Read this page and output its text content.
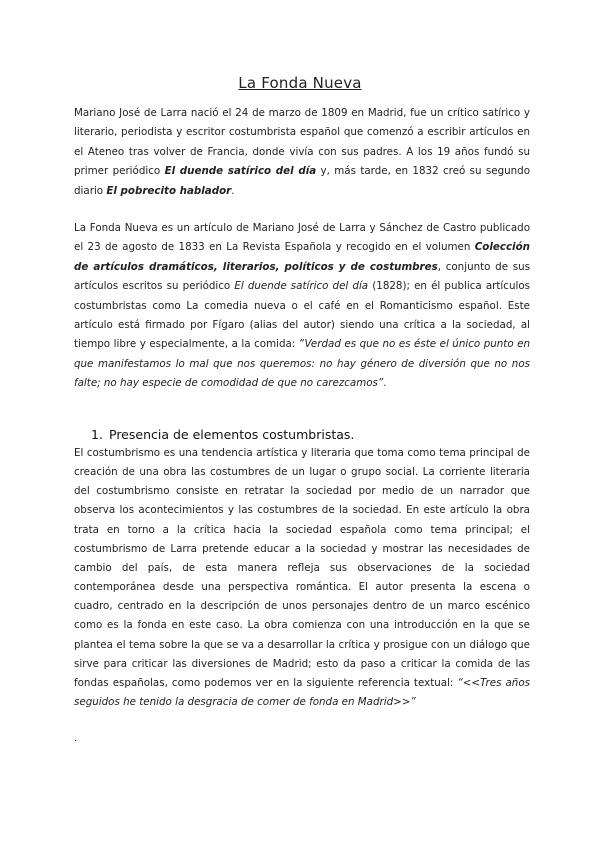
La Fonda Nueva

Mariano José de Larra nació el 24 de marzo de 1809 en Madrid, fue un crítico satírico y literario, periodista y escritor costumbrista español que comenzó a escribir artículos en el Ateneo tras volver de Francia, donde vivía con sus padres. A los 19 años fundó su primer periódico El duende satírico del día y, más tarde, en 1832 creó su segundo diario El pobrecito hablador.

La Fonda Nueva es un artículo de Mariano José de Larra y Sánchez de Castro publicado el 23 de agosto de 1833 en La Revista Española y recogido en el volumen Colección de artículos dramáticos, literarios, políticos y de costumbres, conjunto de sus artículos escritos su periódico El duende satírico del día (1828); en él publica artículos costumbristas como La comedia nueva o el café en el Romanticismo español. Este artículo está firmado por Fígaro (alias del autor) siendo una crítica a la sociedad, al tiempo libre y especialmente, a la comida: “Verdad es que no es éste el único punto en que manifestamos lo mal que nos queremos: no hay género de diversión que no nos falte; no hay especie de comodidad de que no carezcamos”.

1. Presencia de elementos costumbristas.

El costumbrismo es una tendencia artística y literaria que toma como tema principal de creación de una obra las costumbres de un lugar o grupo social. La corriente literaria del costumbrismo consiste en retratar la sociedad por medio de un narrador que observa los acontecimientos y las costumbres de la sociedad. En este artículo la obra trata en torno a la crítica hacia la sociedad española como tema principal; el costumbrismo de Larra pretende educar a la sociedad y mostrar las necesidades de cambio del país, de esta manera refleja sus observaciones de la sociedad contemporánea desde una perspectiva romántica. El autor presenta la escena o cuadro, centrado en la descripción de unos personajes dentro de un marco escénico como es la fonda en este caso. La obra comienza con una introducción en la que se plantea el tema sobre la que se va a desarrollar la crítica y prosigue con un diálogo que sirve para criticar las diversiones de Madrid; esto da paso a criticar la comida de las fondas españolas, como podemos ver en la siguiente referencia textual: “<<Tres años seguidos he tenido la desgracia de comer de fonda en Madrid>>”

.
